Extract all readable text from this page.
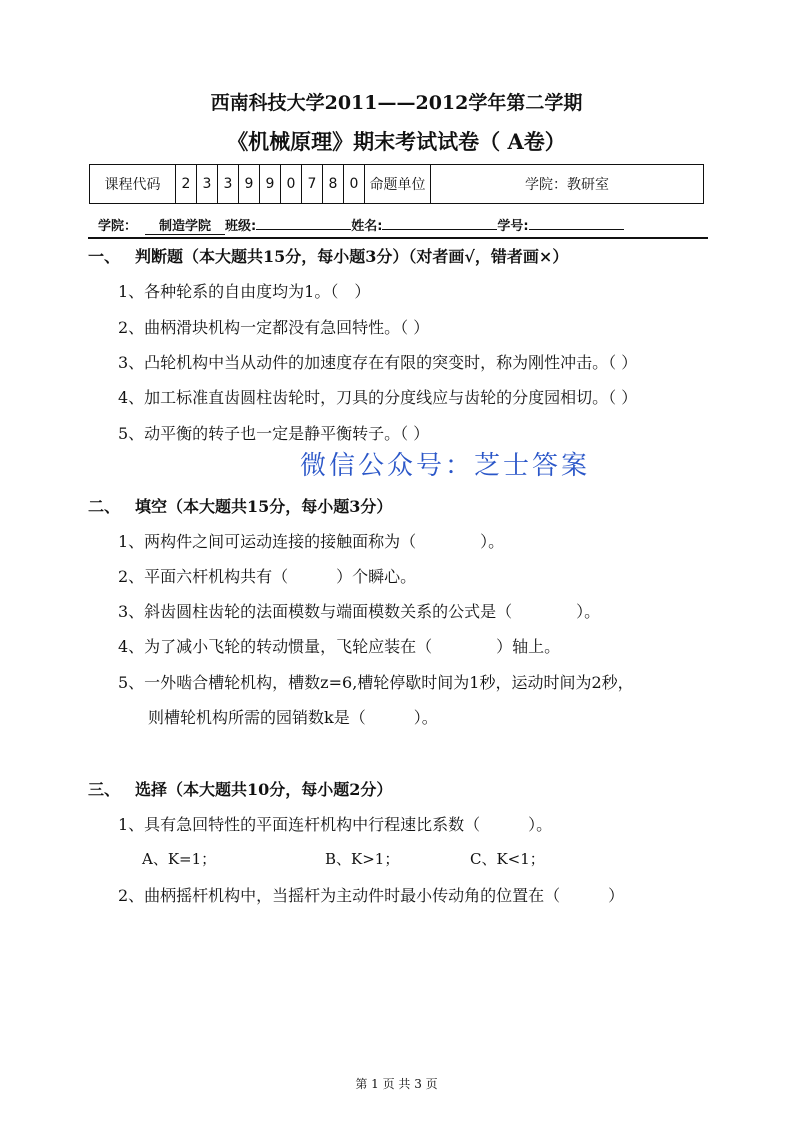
西南科技大学2011——2012学年第二学期
《机械原理》期末考试试卷（ A卷）
课程代码	2	3	3	9	9	0	7	8	0	命题单位	学院：教研室
学院： 制造学院 班级:	姓名:	学号:
一、 判断题（本大题共15分，每小题3分）（对者画√，错者画×）
1、各种轮系的自由度均为1。（　）
2、曲柄滑块机构一定都没有急回特性。（ ）
3、凸轮机构中当从动件的加速度存在有限的突变时，称为刚性冲击。（ ）
4、加工标准直齿圆柱齿轮时，刀具的分度线应与齿轮的分度园相切。（ ）
5、动平衡的转子也一定是静平衡转子。（ ）
微信公众号：芝士答案
二、 填空（本大题共15分，每小题3分）
1、两构件之间可运动连接的接触面称为（　　　　）。
2、平面六杆机构共有（　　　）个瞬心。
3、斜齿圆柱齿轮的法面模数与端面模数关系的公式是（　　　　）。
4、为了减小飞轮的转动惯量，飞轮应装在（　　　　）轴上。
5、一外啮合槽轮机构，槽数z=6,槽轮停歇时间为1秒，运动时间为2秒，
则槽轮机构所需的园销数k是（　　　）。
三、 选择（本大题共10分，每小题2分）
1、具有急回特性的平面连杆机构中行程速比系数（　　　）。
A、K=1；	B、K>1；	C、K<1；
2、曲柄摇杆机构中，当摇杆为主动件时最小传动角的位置在（　　　）
第 1 页 共 3 页
